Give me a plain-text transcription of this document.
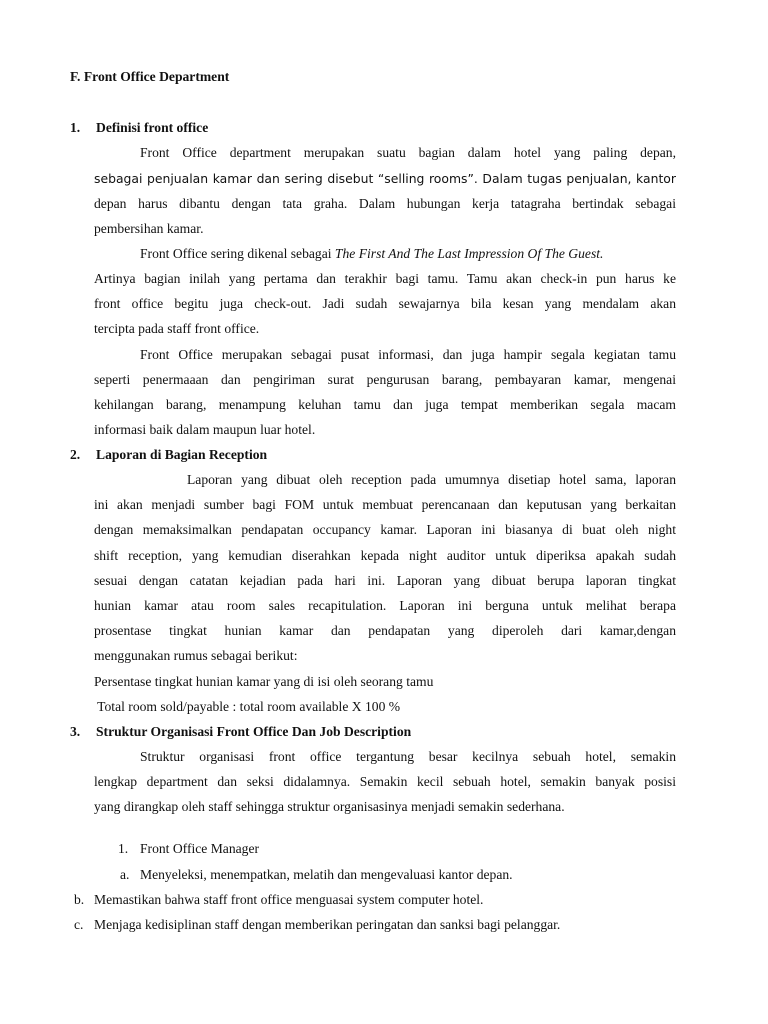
F. Front Office Department
1. Definisi front office
Front Office department merupakan suatu bagian dalam hotel yang paling depan,
sebagai penjualan kamar dan sering disebut “selling rooms”. Dalam tugas penjualan, kantor
depan harus dibantu dengan tata graha. Dalam hubungan kerja tatagraha bertindak sebagai
pembersihan kamar.
Front Office sering dikenal sebagai The First And The Last Impression Of The Guest.
Artinya bagian inilah yang pertama dan terakhir bagi tamu. Tamu akan check-in pun harus ke
front office begitu juga check-out. Jadi sudah sewajarnya bila kesan yang mendalam akan
tercipta pada staff front office.
Front Office merupakan sebagai pusat informasi, dan juga hampir segala kegiatan tamu
seperti penermaaan dan pengiriman surat pengurusan barang, pembayaran kamar, mengenai
kehilangan barang, menampung keluhan tamu dan juga tempat memberikan segala macam
informasi baik dalam maupun luar hotel.
2. Laporan di Bagian Reception
Laporan yang dibuat oleh reception pada umumnya disetiap hotel sama, laporan
ini akan menjadi sumber bagi FOM untuk membuat perencanaan dan keputusan yang berkaitan
dengan memaksimalkan pendapatan occupancy kamar. Laporan ini biasanya di buat oleh night
shift reception, yang kemudian diserahkan kepada night auditor untuk diperiksa apakah sudah
sesuai dengan catatan kejadian pada hari ini. Laporan yang dibuat berupa laporan tingkat
hunian kamar atau room sales recapitulation. Laporan ini berguna untuk melihat berapa
prosentase tingkat hunian kamar dan pendapatan yang diperoleh dari kamar,dengan
menggunakan rumus sebagai berikut:
Persentase tingkat hunian kamar yang di isi oleh seorang tamu
Total room sold/payable : total room available X 100 %
3. Struktur Organisasi Front Office Dan Job Description
Struktur organisasi front office tergantung besar kecilnya sebuah hotel, semakin
lengkap department dan seksi didalamnya. Semakin kecil sebuah hotel, semakin banyak posisi
yang dirangkap oleh staff sehingga struktur organisasinya menjadi semakin sederhana.
1. Front Office Manager
a. Menyeleksi, menempatkan, melatih dan mengevaluasi kantor depan.
b. Memastikan bahwa staff front office menguasai system computer hotel.
c. Menjaga kedisiplinan staff dengan memberikan peringatan dan sanksi bagi pelanggar.
